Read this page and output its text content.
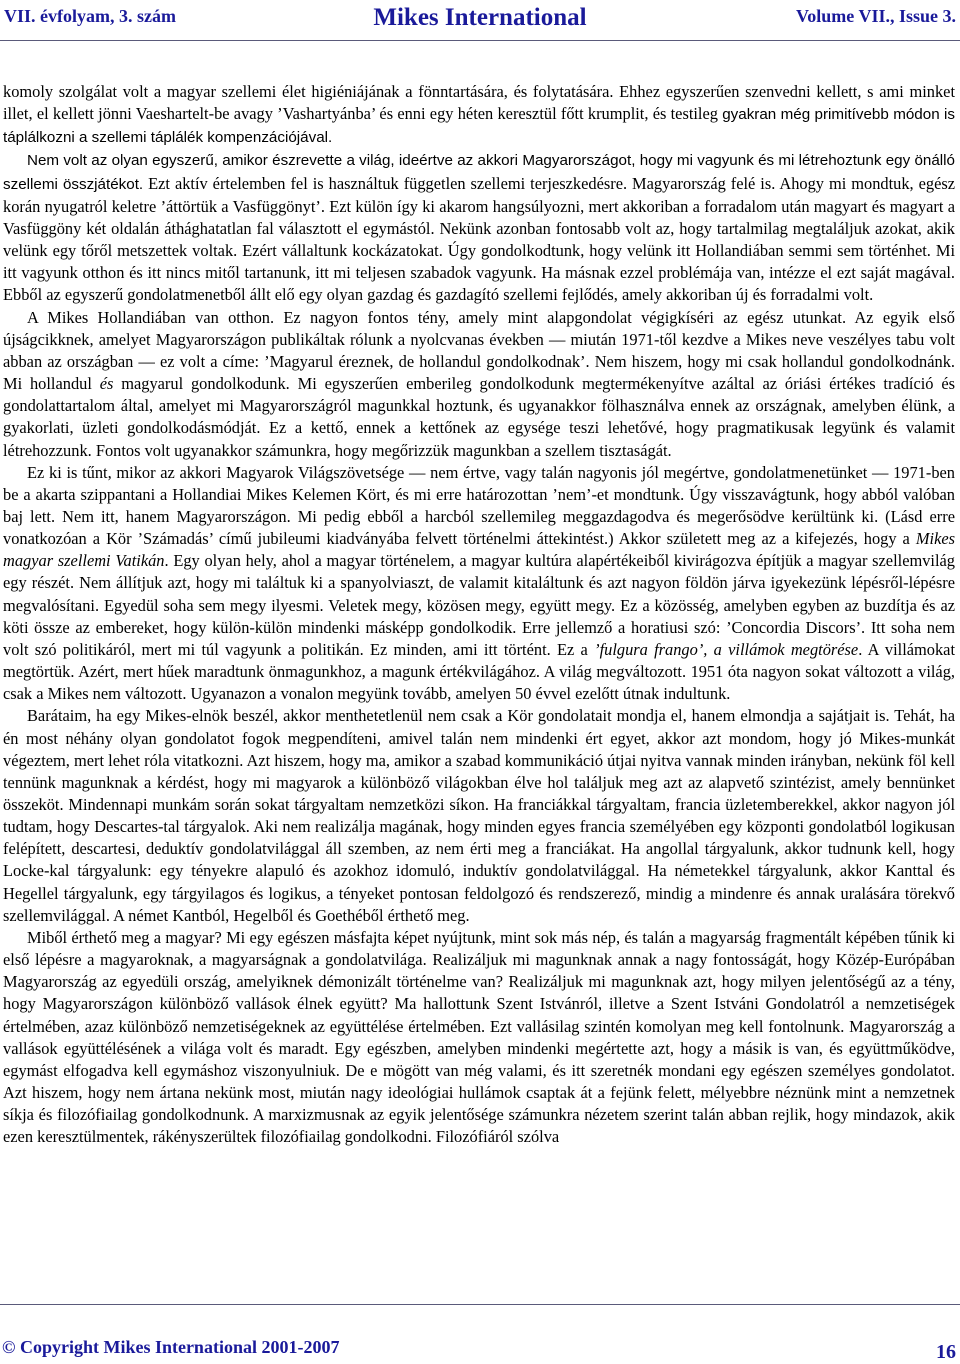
Mikes International
VII. évfolyam, 3. szám	Volume VII., Issue 3.

komoly szolgálat volt a magyar szellemi élet higiéniájának a fönntartására, és folytatására. Ehhez egyszerűen szenvedni kellett, s ami minket illet, el kellett jönni Vaeshartelt-be avagy ’Vashartyánba’ és enni egy héten keresztül főtt krumplit, és testileg gyakran még primitívebb módon is táplálkozni a szellemi táplálék kompenzációjával.

Nem volt az olyan egyszerű, amikor észrevette a világ, ideértve az akkori Magyarországot, hogy mi vagyunk és mi létrehoztunk egy önálló szellemi összjátékot. Ezt aktív értelemben fel is használtuk független szellemi terjeszkedésre. Magyarország felé is. Ahogy mi mondtuk, egész korán nyugatról keletre ’áttörtük a Vasfüggönyt’. Ezt külön így ki akarom hangsúlyozni, mert akkoriban a forradalom után magyart és magyart a Vasfüggöny két oldalán áthághatatlan fal választott el egymástól. Nekünk azonban fontosabb volt az, hogy tartalmilag megtaláljuk azokat, akik velünk egy tőről metszettek voltak. Ezért vállaltunk kockázatokat. Úgy gondolkodtunk, hogy velünk itt Hollandiában semmi sem történhet. Mi itt vagyunk otthon és itt nincs mitől tartanunk, itt mi teljesen szabadok vagyunk. Ha másnak ezzel problémája van, intézze el ezt saját magával. Ebből az egyszerű gondolatmenetből állt elő egy olyan gazdag és gazdagító szellemi fejlődés, amely akkoriban új és forradalmi volt.

A Mikes Hollandiában van otthon. Ez nagyon fontos tény, amely mint alapgondolat végigkíséri az egész utunkat. Az egyik első újságcikknek, amelyet Magyarországon publikáltak rólunk a nyolcvanas években — miután 1971-től kezdve a Mikes neve veszélyes tabu volt abban az országban — ez volt a címe: ’Magyarul éreznek, de hollandul gondolkodnak’. Nem hiszem, hogy mi csak hollandul gondolkodnánk. Mi hollandul és magyarul gondolkodunk. Mi egyszerűen emberileg gondolkodunk megtermékenyítve azáltal az óriási értékes tradíció és gondolattartalom által, amelyet mi Magyarországról magunkkal hoztunk, és ugyanakkor fölhasználva ennek az országnak, amelyben élünk, a gyakorlati, üzleti gondolkodásmódját. Ez a kettő, ennek a kettőnek az egysége teszi lehetővé, hogy pragmatikusak legyünk és valamit létrehozzunk. Fontos volt ugyanakkor számunkra, hogy megőrizzük magunkban a szellem tisztaságát.

Ez ki is tűnt, mikor az akkori Magyarok Világszövetsége — nem értve, vagy talán nagyonis jól megértve, gondolatmenetünket — 1971-ben be a akarta szippantani a Hollandiai Mikes Kelemen Kört, és mi erre határozottan ’nem’-et mondtunk. Úgy visszavágtunk, hogy abból valóban baj lett. Nem itt, hanem Magyarországon. Mi pedig ebből a harcból szellemileg meggazdagodva és megerősödve kerültünk ki. (Lásd erre vonatkozóan a Kör ’Számadás’ című jubileumi kiadványába felvett történelmi áttekintést.) Akkor született meg az a kifejezés, hogy a Mikes magyar szellemi Vatikán. Egy olyan hely, ahol a magyar történelem, a magyar kultúra alapértékeiből kivirágozva építjük a magyar szellemvilág egy részét. Nem állítjuk azt, hogy mi találtuk ki a spanyolviaszt, de valamit kitaláltunk és azt nagyon földön járva igyekezünk lépésről-lépésre megvalósítani. Egyedül soha sem megy ilyesmi. Veletek megy, közösen megy, együtt megy. Ez a közösség, amelyben egyben az buzdítja és az köti össze az embereket, hogy külön-külön mindenki másképp gondolkodik. Erre jellemző a horatiusi szó: ’Concordia Discors’. Itt soha nem volt szó politikáról, mert mi túl vagyunk a politikán. Ez minden, ami itt történt. Ez a ’fulgura frango’, a villámok megtörése. A villámokat megtörtük. Azért, mert hűek maradtunk önmagunkhoz, a magunk értékvilágához. A világ megváltozott. 1951 óta nagyon sokat változott a világ, csak a Mikes nem változott. Ugyanazon a vonalon megyünk tovább, amelyen 50 évvel ezelőtt útnak indultunk.

Barátaim, ha egy Mikes-elnök beszél, akkor menthetetlenül nem csak a Kör gondolatait mondja el, hanem elmondja a sajátjait is. Tehát, ha én most néhány olyan gondolatot fogok megpendíteni, amivel talán nem mindenki ért egyet, akkor azt mondom, hogy jó Mikes-munkát végeztem, mert lehet róla vitatkozni. Azt hiszem, hogy ma, amikor a szabad kommunikáció útjai nyitva vannak minden irányban, nekünk föl kell tennünk magunknak a kérdést, hogy mi magyarok a különböző világokban élve hol találjuk meg azt az alapvető szintézist, amely bennünket összeköt. Mindennapi munkám során sokat tárgyaltam nemzetközi síkon. Ha franciákkal tárgyaltam, francia üzletemberekkel, akkor nagyon jól tudtam, hogy Descartes-tal tárgyalok. Aki nem realizálja magának, hogy minden egyes francia személyében egy központi gondolatból logikusan felépített, descartesi, deduktív gondolatvilággal áll szemben, az nem érti meg a franciákat. Ha angollal tárgyalunk, akkor tudnunk kell, hogy Locke-kal tárgyalunk: egy tényekre alapuló és azokhoz idomuló, induktív gondolatvilággal. Ha németekkel tárgyalunk, akkor Kanttal és Hegellel tárgyalunk, egy tárgyilagos és logikus, a tényeket pontosan feldolgozó és rendszerező, mindig a mindenre és annak uralására törekvő szellemvilággal. A német Kantból, Hegelből és Goethéből érthető meg.

Miből érthető meg a magyar? Mi egy egészen másfajta képet nyújtunk, mint sok más nép, és talán a magyarság fragmentált képében tűnik ki első lépésre a magyaroknak, a magyarságnak a gondolatvilága. Realizáljuk mi magunknak annak a nagy fontosságát, hogy Közép-Európában Magyarország az egyedüli ország, amelyiknek démonizált történelme van? Realizáljuk mi magunknak azt, hogy milyen jelentőségű az a tény, hogy Magyarországon különböző vallások élnek együtt? Ma hallottunk Szent Istvánról, illetve a Szent Istváni Gondolatról a nemzetiségek értelmében, azaz különböző nemzetiségeknek az együttélése értelmében. Ezt vallásilag szintén komolyan meg kell fontolnunk. Magyarország a vallások együttélésének a világa volt és maradt. Egy egészben, amelyben mindenki megértette azt, hogy a másik is van, és együttműködve, egymást elfogadva kell egymáshoz viszonyulniuk. De e mögött van még valami, és itt szeretnék mondani egy egészen személyes gondolatot. Azt hiszem, hogy nem ártana nekünk most, miután nagy ideológiai hullámok csaptak át a fejünk felett, mélyebbre néznünk mint a nemzetnek síkja és filozófiailag gondolkodnunk. A marxizmusnak az egyik jelentősége számunkra nézetem szerint talán abban rejlik, hogy mindazok, akik ezen keresztülmentek, rákényszerültek filozófiailag gondolkodni. Filozófiáról szólva

© Copyright Mikes International 2001-2007	16
